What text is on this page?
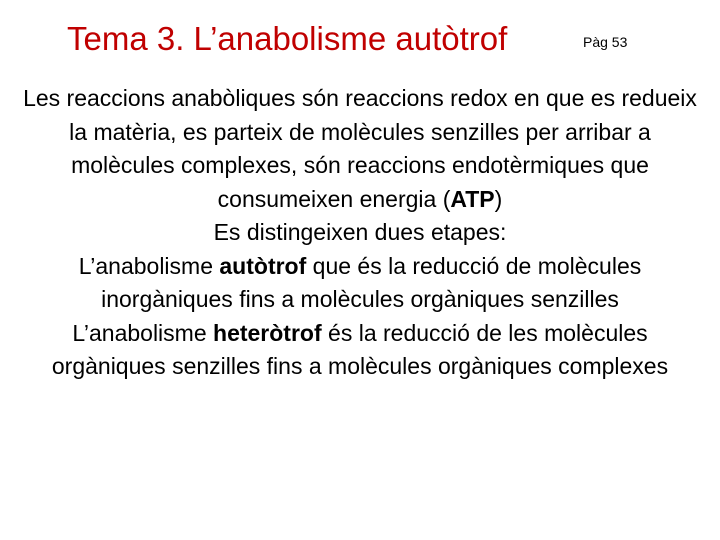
Tema 3. L’anabolisme autòtrof	Pàg 53

Les reaccions anabòliques són reaccions redox en que es redueix la matèria, es parteix de molècules senzilles per arribar a molècules complexes, són reaccions endotèrmiques que consumeixen energia (ATP)

Es distingeixen dues etapes:

L’anabolisme autòtrof que és la reducció de molècules inorgàniques fins a molècules orgàniques senzilles

L’anabolisme heteròtrof és la reducció de les molècules orgàniques senzilles fins a molècules orgàniques complexes
